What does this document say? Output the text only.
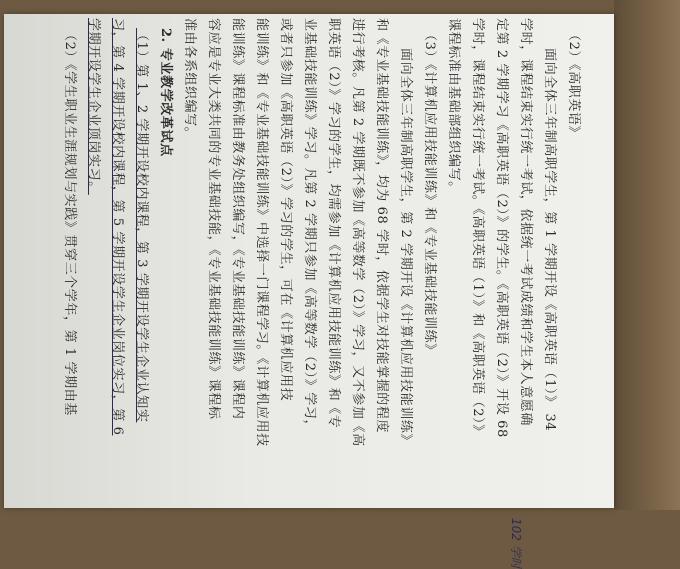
（2）《高职英语》
面向全体三年制高职学生，第 1 学期开设《高职英语（1）》 34
学时，课程结束实行统一考试，依据统一考试成绩和学生本人意愿确
定第 2 学期学习《高职英语（2）》的学生。《高职英语（2）》开设 68
学时，课程结束实行统一考试。《高职英语（1）》和《高职英语（2）》
课程标准由基础部组织编写。
（3）《计算机应用技能训练》和《专业基础技能训练》
面向全体三年制高职学生，第 2 学期开设《计算机应用技能训练》
和《专业基础技能训练》，均为 68 学时，依据学生对技能掌握的程度
进行考核。凡第 2 学期既不参加《高等数学（2）》学习，又不参加《高
职英语（2）》学习的学生，均需参加《计算机应用技能训练》和《专
业基础技能训练》学习。凡第 2 学期只参加《高等数学（2）》学习，
或者只参加《高职英语（2）》学习的学生，可在《计算机应用技
能训练》和《专业基础技能训练》中选择一门课程学习。《计算机应用技
能训练》课程标准由教务处组织编写，《专业基础技能训练》课程内
容应是专业大类共同的专业基础技能，《专业基础技能训练》课程标
准由各系组织编写。
2. 专业教学改革试点
（1）第 1、2 学期开设校内课程，第 3 学期开设学生企业认知实
习，第 4 学期开设校内课程，第 5 学期开设学生企业岗位实习，第 6
学期开设学生企业顶岗实习。
（2）《学生职业生涯规划与实践》贯穿三个学年，第 1 学期由基
102 学时
